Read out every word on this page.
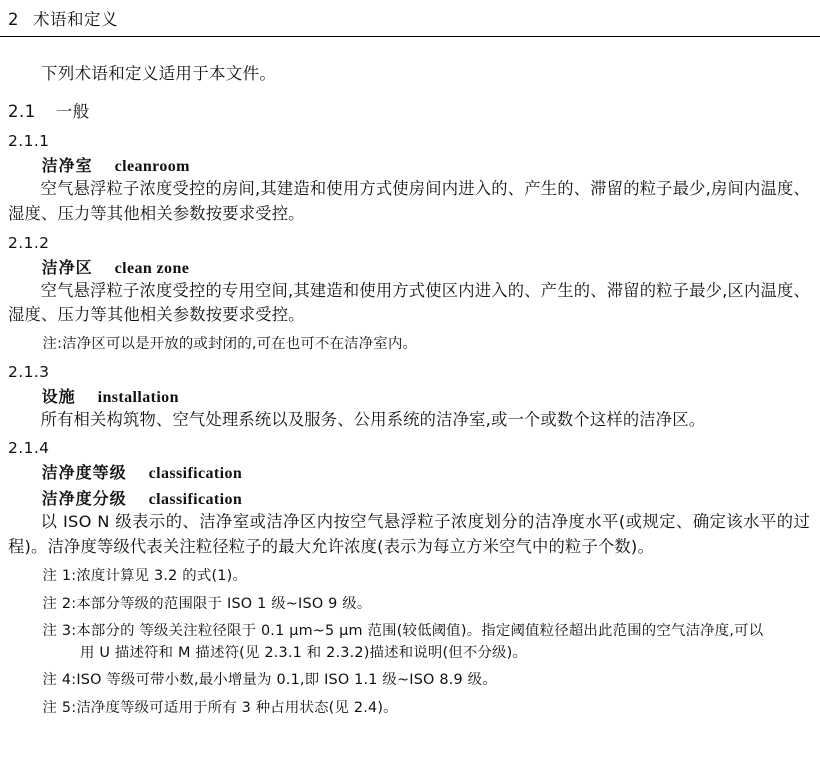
2 术语和定义

下列术语和定义适用于本文件。

2.1 一般

2.1.1

洁净室 cleanroom

空气悬浮粒子浓度受控的房间,其建造和使用方式使房间内进入的、产生的、滞留的粒子最少,房间内温度、湿度、压力等其他相关参数按要求受控。

2.1.2

洁净区 clean zone

空气悬浮粒子浓度受控的专用空间,其建造和使用方式使区内进入的、产生的、滞留的粒子最少,区内温度、湿度、压力等其他相关参数按要求受控。

注:洁净区可以是开放的或封闭的,可在也可不在洁净室内。

2.1.3

设施 installation

所有相关构筑物、空气处理系统以及服务、公用系统的洁净室,或一个或数个这样的洁净区。

2.1.4

洁净度等级 classification

洁净度分级 classification

以 ISO N 级表示的、洁净室或洁净区内按空气悬浮粒子浓度划分的洁净度水平(或规定、确定该水平的过程)。洁净度等级代表关注粒径粒子的最大允许浓度(表示为每立方米空气中的粒子个数)。

注 1:浓度计算见 3.2 的式(1)。

注 2:本部分等级的范围限于 ISO 1 级~ISO 9 级。

注 3:本部分的 等级关注粒径限于 0.1 μm~5 μm 范围(较低阈值)。指定阈值粒径超出此范围的空气洁净度,可以
用 U 描述符和 M 描述符(见 2.3.1 和 2.3.2)描述和说明(但不分级)。

注 4:ISO 等级可带小数,最小增量为 0.1,即 ISO 1.1 级~ISO 8.9 级。

注 5:洁净度等级可适用于所有 3 种占用状态(见 2.4)。
